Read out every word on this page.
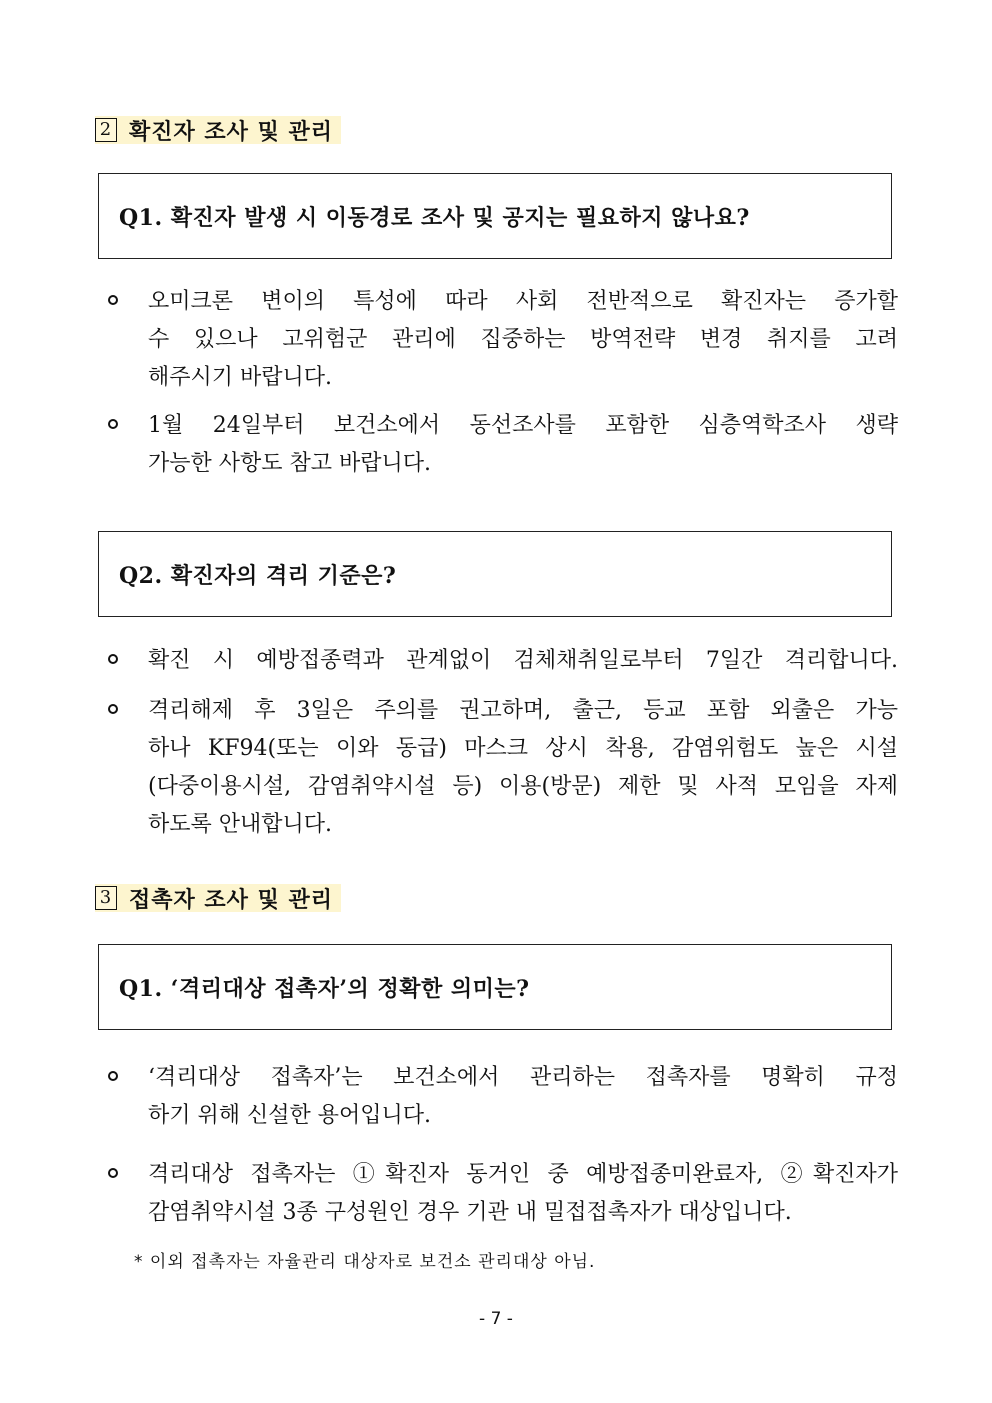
2 확진자 조사 및 관리
Q1. 확진자 발생 시 이동경로 조사 및 공지는 필요하지 않나요?
오미크론 변이의 특성에 따라 사회 전반적으로 확진자는 증가할
수 있으나 고위험군 관리에 집중하는 방역전략 변경 취지를 고려
해주시기 바랍니다.
1월 24일부터 보건소에서 동선조사를 포함한 심층역학조사 생략
가능한 사항도 참고 바랍니다.
Q2. 확진자의 격리 기준은?
확진 시 예방접종력과 관계없이 검체채취일로부터 7일간 격리합니다.
격리해제 후 3일은 주의를 권고하며, 출근, 등교 포함 외출은 가능
하나 KF94(또는 이와 동급) 마스크 상시 착용, 감염위험도 높은 시설
(다중이용시설, 감염취약시설 등) 이용(방문) 제한 및 사적 모임을 자제
하도록 안내합니다.
3 접촉자 조사 및 관리
Q1. ‘격리대상 접촉자’의 정확한 의미는?
‘격리대상 접촉자’는 보건소에서 관리하는 접촉자를 명확히 규정
하기 위해 신설한 용어입니다.
격리대상 접촉자는 ①확진자 동거인 중 예방접종미완료자, ②확진자가
감염취약시설 3종 구성원인 경우 기관 내 밀접접촉자가 대상입니다.
* 이외 접촉자는 자율관리 대상자로 보건소 관리대상 아님.
- 7 -
